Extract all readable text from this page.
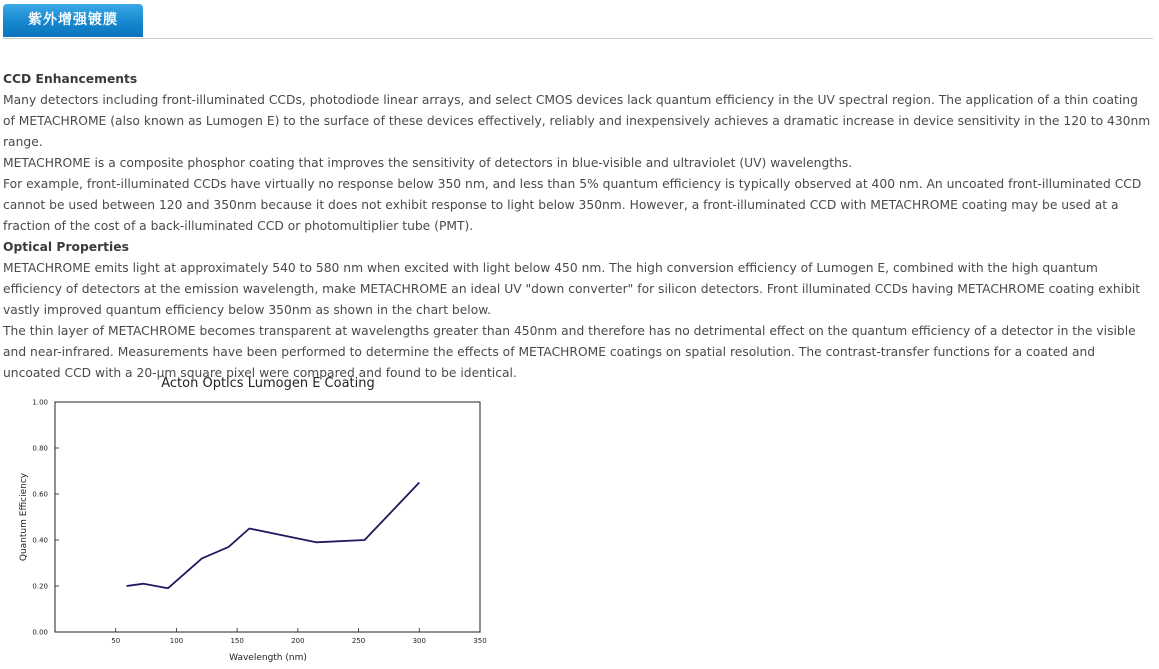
紫外增强镀膜

CCD Enhancements

Many detectors including front-illuminated CCDs, photodiode linear arrays, and select CMOS devices lack quantum efficiency in the UV spectral region. The application of a thin coating of METACHROME (also known as Lumogen E) to the surface of these devices effectively, reliably and inexpensively achieves a dramatic increase in device sensitivity in the 120 to 430nm range.

METACHROME is a composite phosphor coating that improves the sensitivity of detectors in blue-visible and ultraviolet (UV) wavelengths.

For example, front-illuminated CCDs have virtually no response below 350 nm, and less than 5% quantum efficiency is typically observed at 400 nm. An uncoated front-illuminated CCD cannot be used between 120 and 350nm because it does not exhibit response to light below 350nm. However, a front-illuminated CCD with METACHROME coating may be used at a fraction of the cost of a back-illuminated CCD or photomultiplier tube (PMT).

Optical Properties

METACHROME emits light at approximately 540 to 580 nm when excited with light below 450 nm. The high conversion efficiency of Lumogen E, combined with the high quantum efficiency of detectors at the emission wavelength, make METACHROME an ideal UV "down converter" for silicon detectors. Front illuminated CCDs having METACHROME coating exhibit vastly improved quantum efficiency below 350nm as shown in the chart below.

The thin layer of METACHROME becomes transparent at wavelengths greater than 450nm and therefore has no detrimental effect on the quantum efficiency of a detector in the visible and near-infrared. Measurements have been performed to determine the effects of METACHROME coatings on spatial resolution. The contrast-transfer functions for a coated and uncoated CCD with a 20-µm square pixel were compared and found to be identical.

Acton Optics Lumogen E Coating
0.00
0.20
0.40
0.60
0.80
1.00
50	100	150	200	250	300	350
Wavelength (nm)
Quantum Efficiency
